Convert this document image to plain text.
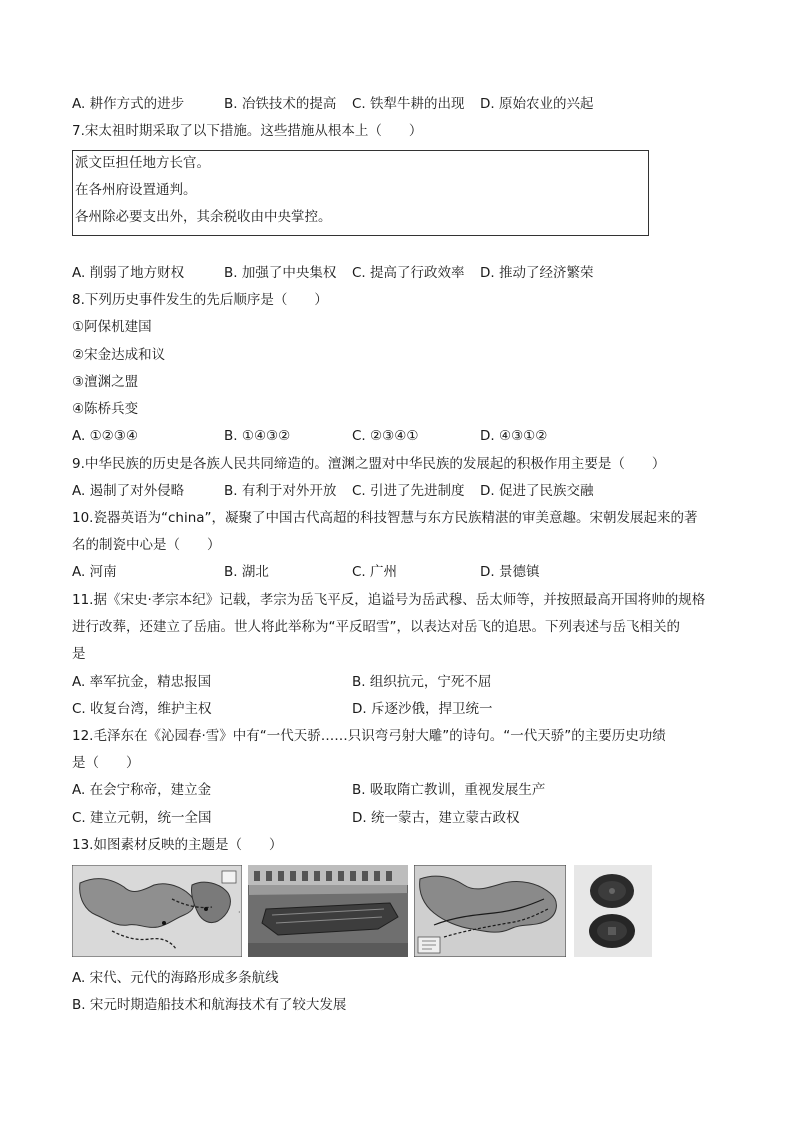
A. 耕作方式的进步	B. 冶铁技术的提高 C. 铁犁牛耕的出现 D. 原始农业的兴起
7.宋太祖时期采取了以下措施。这些措施从根本上（　　）
派文臣担任地方长官。
在各州府设置通判。
各州除必要支出外，其余税收由中央掌控。
A. 削弱了地方财权	B. 加强了中央集权 C. 提高了行政效率 D. 推动了经济繁荣
8.下列历史事件发生的先后顺序是（　　）
①阿保机建国
②宋金达成和议
③澶渊之盟
④陈桥兵变
A. ①②③④	B. ①④③②	C. ②③④①	D. ④③①②
9.中华民族的历史是各族人民共同缔造的。澶渊之盟对中华民族的发展起的积极作用主要是（　　）
A. 遏制了对外侵略	B. 有利于对外开放 C. 引进了先进制度 D. 促进了民族交融
10.瓷器英语为“china”，凝聚了中国古代高超的科技智慧与东方民族精湛的审美意趣。宋朝发展起来的著
名的制瓷中心是（　　）
A. 河南	B. 湖北	C. 广州	D. 景德镇
11.据《宋史·孝宗本纪》记载，孝宗为岳飞平反，追谥号为岳武穆、岳太师等，并按照最高开国将帅的规格
进行改葬，还建立了岳庙。世人将此举称为“平反昭雪”，以表达对岳飞的追思。下列表述与岳飞相关的
是
A. 率军抗金，精忠报国	B. 组织抗元，宁死不屈
C. 收复台湾，维护主权	D. 斥逐沙俄，捍卫统一
12.毛泽东在《沁园春·雪》中有“一代天骄……只识弯弓射大雕”的诗句。“一代天骄”的主要历史功绩
是（　　）
A. 在会宁称帝，建立金	B. 吸取隋亡教训，重视发展生产
C. 建立元朝，统一全国	D. 统一蒙古，建立蒙古政权
13.如图素材反映的主题是（　　）
·
A. 宋代、元代的海路形成多条航线
B. 宋元时期造船技术和航海技术有了较大发展
